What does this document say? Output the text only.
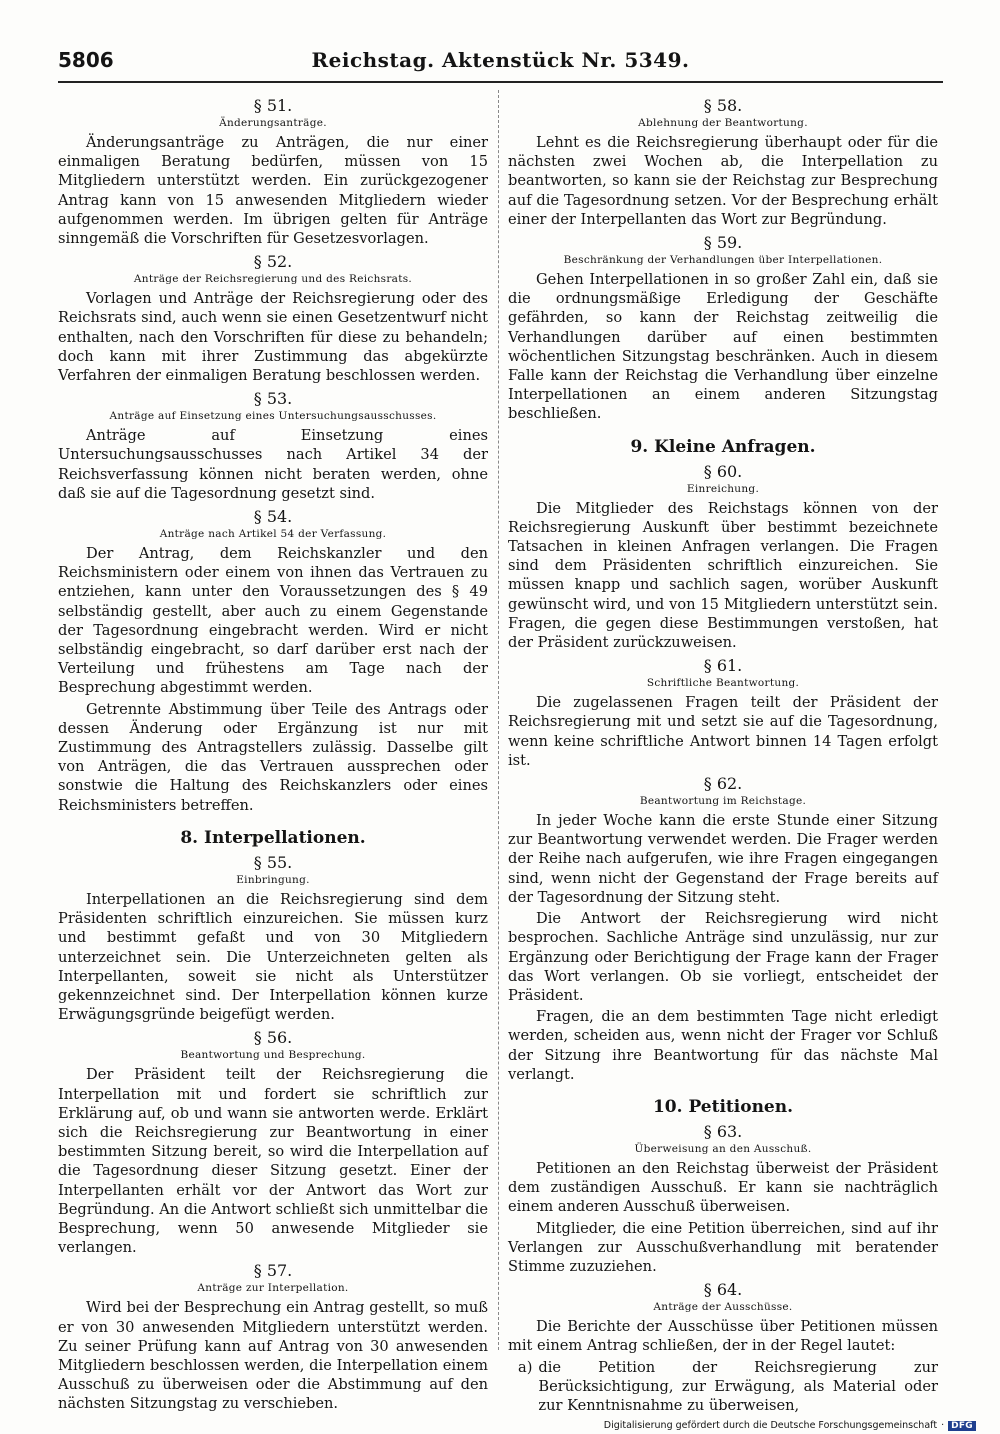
5806	Reichstag. Aktenstück Nr. 5349.
§ 51.
Änderungsanträge.

Änderungsanträge zu Anträgen, die nur einer einmaligen Beratung bedürfen, müssen von 15 Mitgliedern unterstützt werden. Ein zurückgezogener Antrag kann von 15 anwesenden Mitgliedern wieder aufgenommen werden. Im übrigen gelten für Anträge sinngemäß die Vorschriften für Gesetzesvorlagen.

§ 52.
Anträge der Reichsregierung und des Reichsrats.

Vorlagen und Anträge der Reichsregierung oder des Reichsrats sind, auch wenn sie einen Gesetzentwurf nicht enthalten, nach den Vorschriften für diese zu behandeln; doch kann mit ihrer Zustimmung das abgekürzte Verfahren der einmaligen Beratung beschlossen werden.

§ 53.
Anträge auf Einsetzung eines Untersuchungsausschusses.

Anträge auf Einsetzung eines Untersuchungsausschusses nach Artikel 34 der Reichsverfassung können nicht beraten werden, ohne daß sie auf die Tagesordnung gesetzt sind.

§ 54.
Anträge nach Artikel 54 der Verfassung.

Der Antrag, dem Reichskanzler und den Reichsministern oder einem von ihnen das Vertrauen zu entziehen, kann unter den Voraussetzungen des § 49 selbständig gestellt, aber auch zu einem Gegenstande der Tagesordnung eingebracht werden. Wird er nicht selbständig eingebracht, so darf darüber erst nach der Verteilung und frühestens am Tage nach der Besprechung abgestimmt werden.

Getrennte Abstimmung über Teile des Antrags oder dessen Änderung oder Ergänzung ist nur mit Zustimmung des Antragstellers zulässig. Dasselbe gilt von Anträgen, die das Vertrauen aussprechen oder sonstwie die Haltung des Reichskanzlers oder eines Reichsministers betreffen.

8. Interpellationen.
§ 55.
Einbringung.

Interpellationen an die Reichsregierung sind dem Präsidenten schriftlich einzureichen. Sie müssen kurz und bestimmt gefaßt und von 30 Mitgliedern unterzeichnet sein. Die Unterzeichneten gelten als Interpellanten, soweit sie nicht als Unterstützer gekennzeichnet sind. Der Interpellation können kurze Erwägungsgründe beigefügt werden.

§ 56.
Beantwortung und Besprechung.

Der Präsident teilt der Reichsregierung die Interpellation mit und fordert sie schriftlich zur Erklärung auf, ob und wann sie antworten werde. Erklärt sich die Reichsregierung zur Beantwortung in einer bestimmten Sitzung bereit, so wird die Interpellation auf die Tagesordnung dieser Sitzung gesetzt. Einer der Interpellanten erhält vor der Antwort das Wort zur Begründung. An die Antwort schließt sich unmittelbar die Besprechung, wenn 50 anwesende Mitglieder sie verlangen.

§ 57.
Anträge zur Interpellation.

Wird bei der Besprechung ein Antrag gestellt, so muß er von 30 anwesenden Mitgliedern unterstützt werden. Zu seiner Prüfung kann auf Antrag von 30 anwesenden Mitgliedern beschlossen werden, die Interpellation einem Ausschuß zu überweisen oder die Abstimmung auf den nächsten Sitzungstag zu verschieben.

§ 58.
Ablehnung der Beantwortung.

Lehnt es die Reichsregierung überhaupt oder für die nächsten zwei Wochen ab, die Interpellation zu beantworten, so kann sie der Reichstag zur Besprechung auf die Tagesordnung setzen. Vor der Besprechung erhält einer der Interpellanten das Wort zur Begründung.

§ 59.
Beschränkung der Verhandlungen über Interpellationen.

Gehen Interpellationen in so großer Zahl ein, daß sie die ordnungsmäßige Erledigung der Geschäfte gefährden, so kann der Reichstag zeitweilig die Verhandlungen darüber auf einen bestimmten wöchentlichen Sitzungstag beschränken. Auch in diesem Falle kann der Reichstag die Verhandlung über einzelne Interpellationen an einem anderen Sitzungstag beschließen.

9. Kleine Anfragen.
§ 60.
Einreichung.

Die Mitglieder des Reichstags können von der Reichsregierung Auskunft über bestimmt bezeichnete Tatsachen in kleinen Anfragen verlangen. Die Fragen sind dem Präsidenten schriftlich einzureichen. Sie müssen knapp und sachlich sagen, worüber Auskunft gewünscht wird, und von 15 Mitgliedern unterstützt sein. Fragen, die gegen diese Bestimmungen verstoßen, hat der Präsident zurückzuweisen.

§ 61.
Schriftliche Beantwortung.

Die zugelassenen Fragen teilt der Präsident der Reichsregierung mit und setzt sie auf die Tagesordnung, wenn keine schriftliche Antwort binnen 14 Tagen erfolgt ist.

§ 62.
Beantwortung im Reichstage.

In jeder Woche kann die erste Stunde einer Sitzung zur Beantwortung verwendet werden. Die Frager werden der Reihe nach aufgerufen, wie ihre Fragen eingegangen sind, wenn nicht der Gegenstand der Frage bereits auf der Tagesordnung der Sitzung steht.

Die Antwort der Reichsregierung wird nicht besprochen. Sachliche Anträge sind unzulässig, nur zur Ergänzung oder Berichtigung der Frage kann der Frager das Wort verlangen. Ob sie vorliegt, entscheidet der Präsident.

Fragen, die an dem bestimmten Tage nicht erledigt werden, scheiden aus, wenn nicht der Frager vor Schluß der Sitzung ihre Beantwortung für das nächste Mal verlangt.

10. Petitionen.
§ 63.
Überweisung an den Ausschuß.

Petitionen an den Reichstag überweist der Präsident dem zuständigen Ausschuß. Er kann sie nachträglich einem anderen Ausschuß überweisen.

Mitglieder, die eine Petition überreichen, sind auf ihr Verlangen zur Ausschußverhandlung mit beratender Stimme zuzuziehen.

§ 64.
Anträge der Ausschüsse.

Die Berichte der Ausschüsse über Petitionen müssen mit einem Antrag schließen, der in der Regel lautet:

a) die Petition der Reichsregierung zur Berücksichtigung, zur Erwägung, als Material oder zur Kenntnisnahme zu überweisen,
Digitalisierung gefördert durch die Deutsche Forschungsgemeinschaft · DFG
